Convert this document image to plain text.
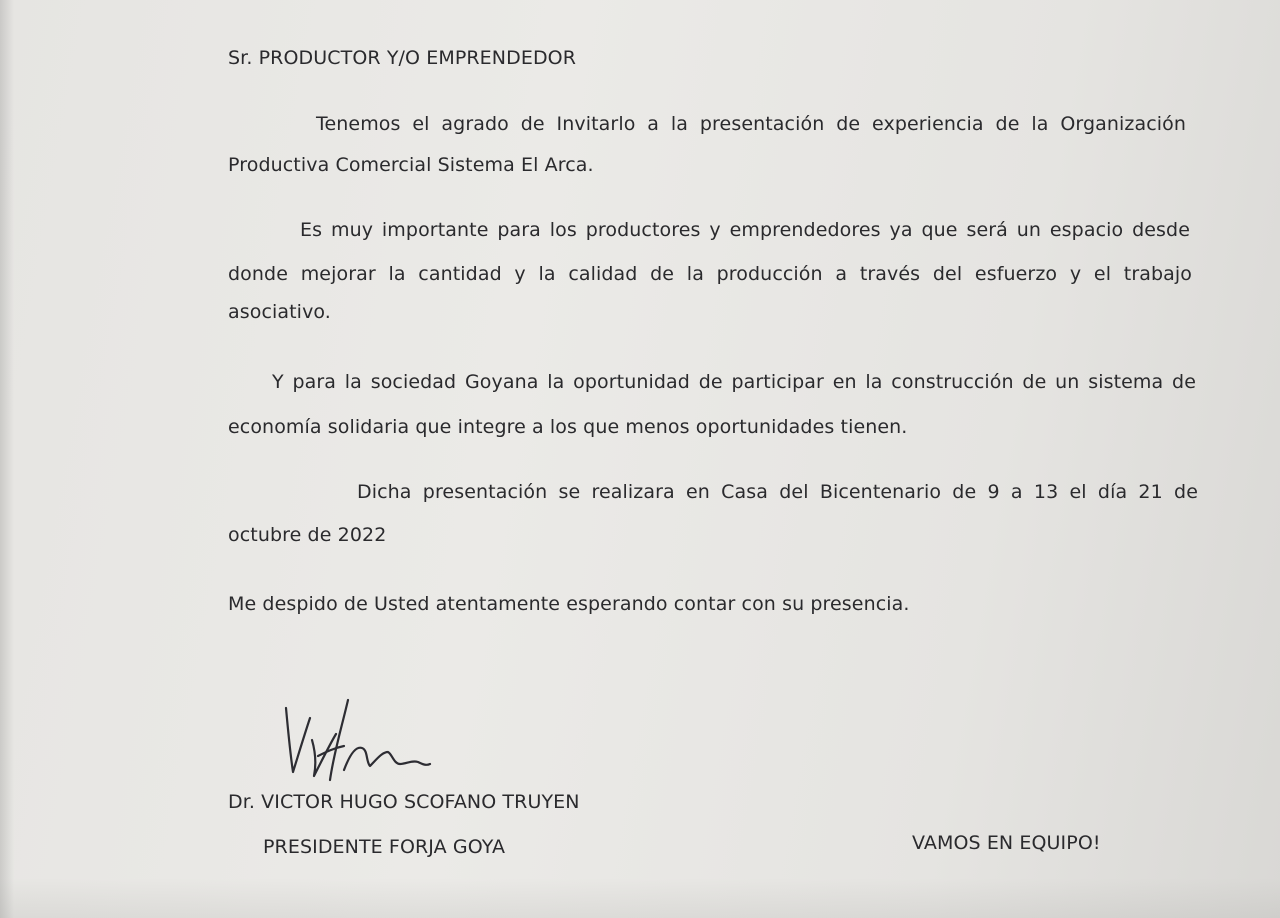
Sr. PRODUCTOR Y/O EMPRENDEDOR
Tenemos el agrado de Invitarlo a la presentación de experiencia de la Organización
Productiva Comercial Sistema El Arca.
Es muy importante para los productores y emprendedores ya que será un espacio desde
donde mejorar la cantidad y la calidad de la producción a través del esfuerzo y el trabajo
asociativo.
Y para la sociedad Goyana la oportunidad de participar en la construcción de un sistema de
economía solidaria que integre a los que menos oportunidades tienen.
Dicha presentación se realizara en Casa del Bicentenario de 9 a 13 el día 21 de
octubre de 2022
Me despido de Usted atentamente esperando contar con su presencia.
Dr. VICTOR HUGO SCOFANO TRUYEN
PRESIDENTE FORJA GOYA	VAMOS EN EQUIPO!
